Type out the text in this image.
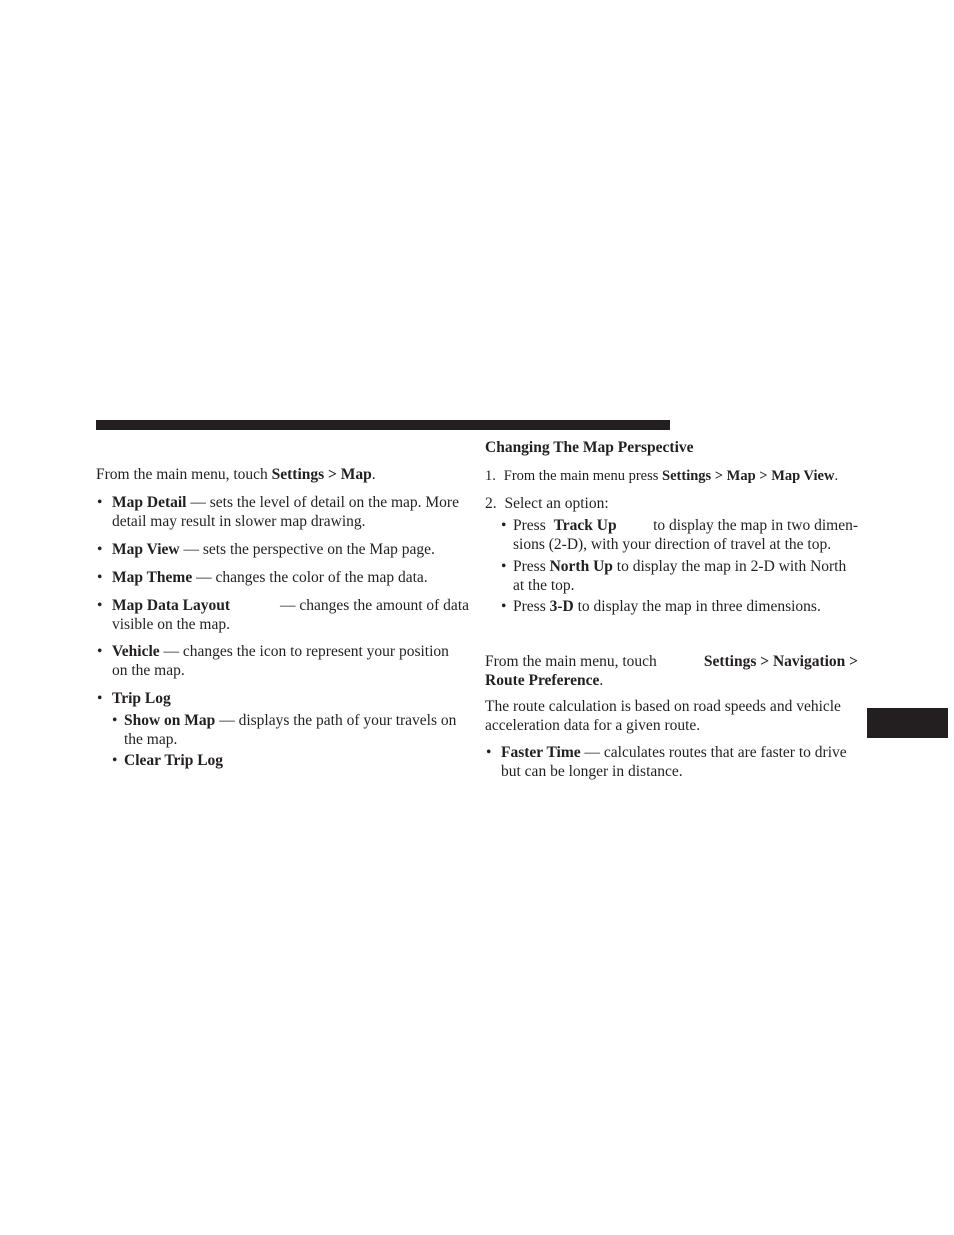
From the main menu, touch Settings > Map.

• Map Detail — sets the level of detail on the map. More
detail may result in slower map drawing.
• Map View — sets the perspective on the Map page.
• Map Theme — changes the color of the map data.
• Map Data Layout	— changes the amount of data
visible on the map.
• Vehicle — changes the icon to represent your position
on the map.
• Trip Log
• Show on Map — displays the path of your travels on
the map.
• Clear Trip Log
Changing The Map Perspective
1. From the main menu press Settings > Map > Map View.
2. Select an option:
• Press Track Up to display the map in two dimen-
sions (2-D), with your direction of travel at the top.
• Press North Up to display the map in 2-D with North
at the top.
• Press 3-D to display the map in three dimensions.
From the main menu, touch	Settings > Navigation >
Route Preference.
The route calculation is based on road speeds and vehicle
acceleration data for a given route.
• Faster Time — calculates routes that are faster to drive
but can be longer in distance.
